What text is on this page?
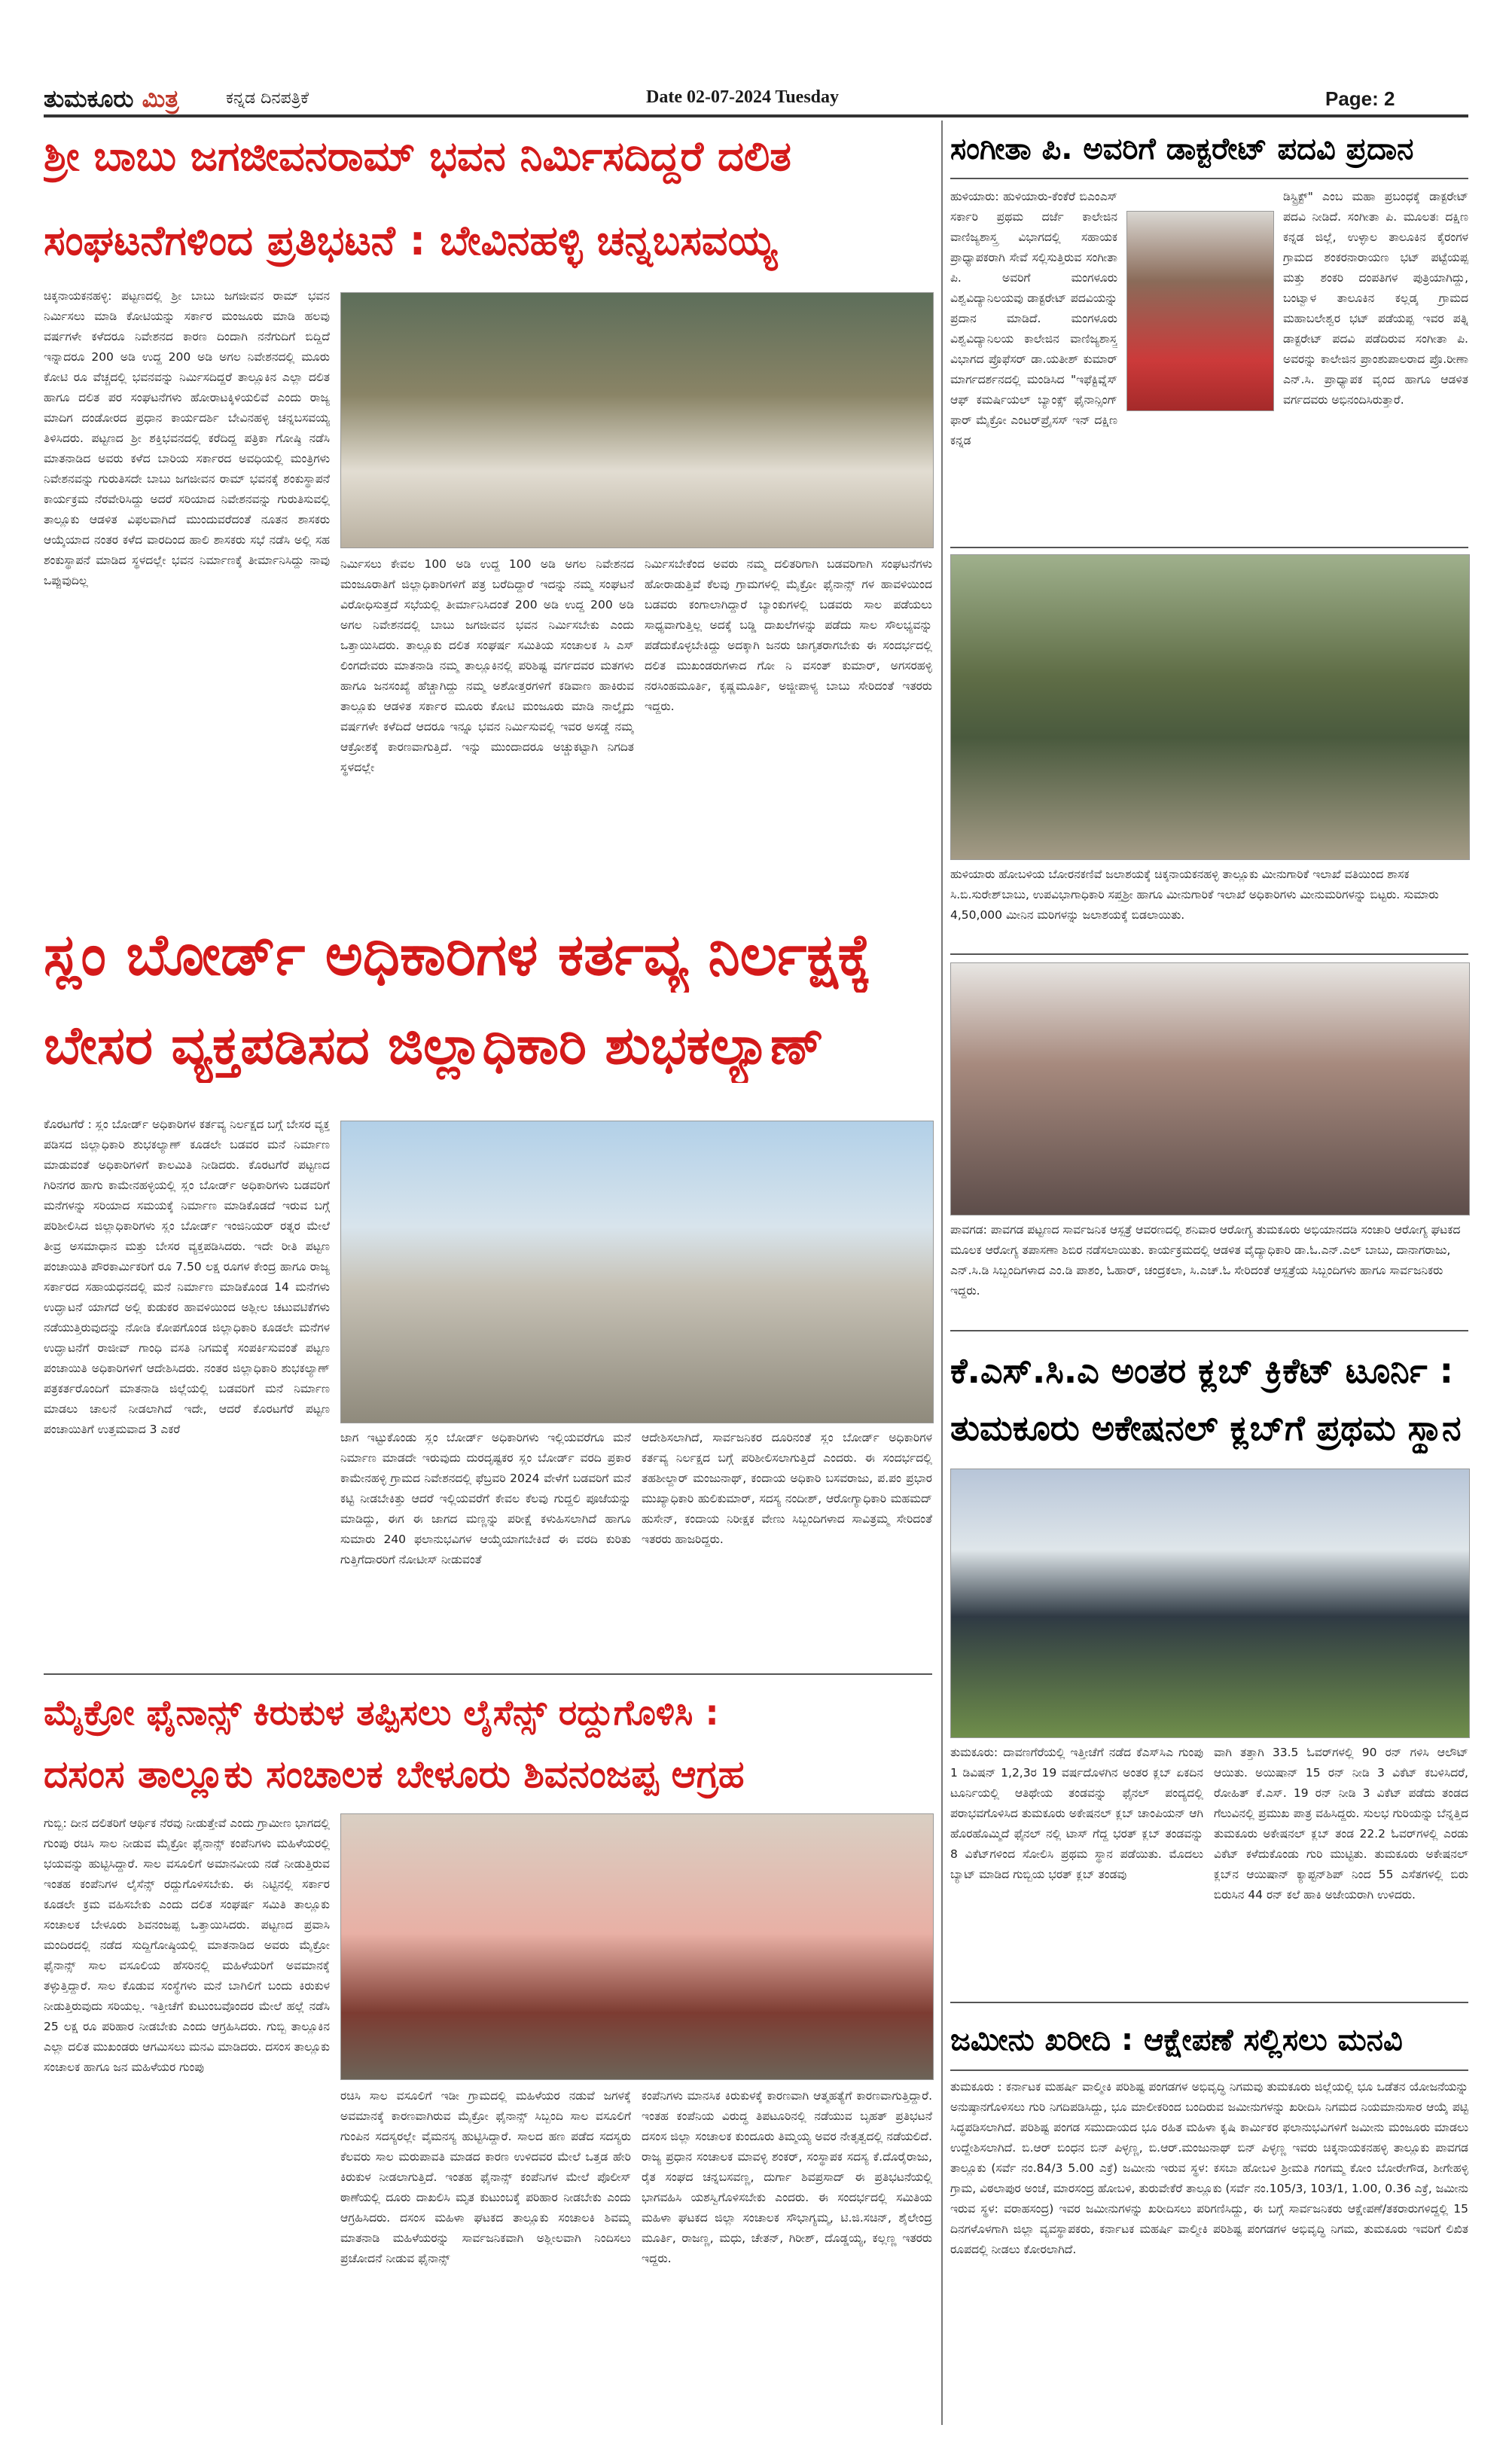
ತುಮಕೂರು ಮಿತ್ರ	ಕನ್ನಡ ದಿನಪತ್ರಿಕೆ	Date 02-07-2024 Tuesday	Page: 2
ಶ್ರೀ ಬಾಬು ಜಗಜೀವನರಾಮ್ ಭವನ ನಿರ್ಮಿಸದಿದ್ದರೆ ದಲಿತ
ಸಂಘಟನೆಗಳಿಂದ ಪ್ರತಿಭಟನೆ : ಬೇವಿನಹಳ್ಳಿ ಚನ್ನಬಸವಯ್ಯ
ಚಿಕ್ಕನಾಯಕನಹಳ್ಳಿ: ಪಟ್ಟಣದಲ್ಲಿ ಶ್ರೀ ಬಾಬು ಜಗಜೀವನ ರಾಮ್ ಭವನ ನಿರ್ಮಿಸಲು ಮಾಡಿ ಕೋಟಿಯನ್ನು ಸರ್ಕಾರ ಮಂಜೂರು ಮಾಡಿ ಹಲವು ವರ್ಷಗಳೇ ಕಳೆದರೂ ನಿವೇಶನದ ಕಾರಣ ದಿಂದಾಗಿ ನನೆಗುದಿಗೆ ಬಿದ್ದಿದೆ ಇನ್ನಾದರೂ 200 ಅಡಿ ಉದ್ದ 200 ಅಡಿ ಅಗಲ ನಿವೇಶನದಲ್ಲಿ ಮೂರು ಕೋಟಿ ರೂ ವೆಚ್ಚದಲ್ಲಿ ಭವನವನ್ನು ನಿರ್ಮಿಸದಿದ್ದರೆ ತಾಲ್ಲೂಕಿನ ಎಲ್ಲಾ ದಲಿತ ಹಾಗೂ ದಲಿತ ಪರ ಸಂಘಟನೆಗಳು ಹೋರಾಟಕ್ಕಿಳಿಯಲಿವೆ ಎಂದು ರಾಜ್ಯ ಮಾದಿಗ ದಂಡೋರದ ಪ್ರಧಾನ ಕಾರ್ಯದರ್ಶಿ ಬೇವಿನಹಳ್ಳಿ ಚನ್ನಬಸವಯ್ಯ ತಿಳಿಸಿದರು. ಪಟ್ಟಣದ ಶ್ರೀ ಶಕ್ತಿಭವನದಲ್ಲಿ ಕರೆದಿದ್ದ ಪತ್ರಿಕಾ ಗೋಷ್ಠಿ ನಡೆಸಿ ಮಾತನಾಡಿದ ಅವರು ಕಳೆದ ಬಾರಿಯ ಸರ್ಕಾರದ ಅವಧಿಯಲ್ಲಿ ಮಂತ್ರಿಗಳು ನಿವೇಶನವನ್ನು ಗುರುತಿಸದೇ ಬಾಬು ಜಗಜೀವನ ರಾಮ್ ಭವನಕ್ಕೆ ಶಂಕುಸ್ಥಾಪನೆ ಕಾರ್ಯಕ್ರಮ ನೆರವೇರಿಸಿದ್ದು ಅದರೆ ಸರಿಯಾದ ನಿವೇಶನವನ್ನು ಗುರುತಿಸುವಲ್ಲಿ ತಾಲ್ಲೂಕು ಆಡಳಿತ ವಿಫಲವಾಗಿದೆ ಮುಂದುವರೆದಂತೆ ನೂತನ ಶಾಸಕರು ಆಯ್ಕೆಯಾದ ನಂತರ ಕಳೆದ ವಾರದಿಂದ ಹಾಲಿ ಶಾಸಕರು ಸಭೆ ನಡೆಸಿ ಅಲ್ಲಿ ಸಹ ಶಂಕುಸ್ಥಾಪನೆ ಮಾಡಿದ ಸ್ಥಳದಲ್ಲೇ ಭವನ ನಿರ್ಮಾಣಕ್ಕೆ ತೀರ್ಮಾನಿಸಿದ್ದು ನಾವು ಒಪ್ಪುವುದಿಲ್ಲ
ನಿರ್ಮಿಸಲು ಕೇವಲ 100 ಅಡಿ ಉದ್ದ 100 ಅಡಿ ಅಗಲ ನಿವೇಶನದ ಮಂಜೂರಾತಿಗೆ ಜಿಲ್ಲಾಧಿಕಾರಿಗಳಿಗೆ ಪತ್ರ ಬರೆದಿದ್ದಾರೆ ಇದನ್ನು ನಮ್ಮ ಸಂಘಟನೆ ವಿರೋಧಿಸುತ್ತದೆ ಸಭೆಯಲ್ಲಿ ತೀರ್ಮಾನಿಸಿದಂತೆ 200 ಅಡಿ ಉದ್ದ 200 ಅಡಿ ಅಗಲ ನಿವೇಶನದಲ್ಲಿ ಬಾಬು ಜಗಜೀವನ ಭವನ ನಿರ್ಮಿಸಬೇಕು ಎಂದು ಒತ್ತಾಯಿಸಿದರು. ತಾಲ್ಲೂಕು ದಲಿತ ಸಂಘರ್ಷ ಸಮಿತಿಯ ಸಂಚಾಲಕ ಸಿ ಎಸ್ ಲಿಂಗದೇವರು ಮಾತನಾಡಿ ನಮ್ಮ ತಾಲ್ಲೂಕಿನಲ್ಲಿ ಪರಿಶಿಷ್ಟ ವರ್ಗದವರ ಮತಗಳು ಹಾಗೂ ಜನಸಂಖ್ಯೆ ಹೆಚ್ಚಾಗಿದ್ದು ನಮ್ಮ ಅಶೋತ್ತರಗಳಿಗೆ ಕಡಿವಾಣ ಹಾಕಿರುವ ತಾಲ್ಲೂಕು ಆಡಳಿತ ಸರ್ಕಾರ ಮೂರು ಕೋಟಿ ಮಂಜೂರು ಮಾಡಿ ನಾಲ್ಕೈದು ವರ್ಷಗಳೇ ಕಳೆದಿದೆ ಆದರೂ ಇನ್ನೂ ಭವನ ನಿರ್ಮಿಸುವಲ್ಲಿ ಇವರ ಅಸಡ್ಡೆ ನಮ್ಮ ಆಕ್ರೋಶಕ್ಕೆ ಕಾರಣವಾಗುತ್ತಿದೆ. ಇನ್ನು ಮುಂದಾದರೂ ಅಚ್ಚುಕಟ್ಟಾಗಿ ನಿಗದಿತ ಸ್ಥಳದಲ್ಲೇ
ನಿರ್ಮಿಸಬೇಕೆಂದ ಅವರು ನಮ್ಮ ದಲಿತರಿಗಾಗಿ ಬಡವರಿಗಾಗಿ ಸಂಘಟನೆಗಳು ಹೋರಾಡುತ್ತಿವೆ ಕೆಲವು ಗ್ರಾಮಗಳಲ್ಲಿ ಮೈಕ್ರೋ ಫೈನಾನ್ಸ್ ಗಳ ಹಾವಳಿಯಿಂದ ಬಡವರು ಕಂಗಾಲಾಗಿದ್ದಾರೆ ಬ್ಯಾಂಕುಗಳಲ್ಲಿ ಬಡವರು ಸಾಲ ಪಡೆಯಲು ಸಾಧ್ಯವಾಗುತ್ತಿಲ್ಲ ಅದಕ್ಕೆ ಬಡ್ಡಿ ದಾಖಲೆಗಳನ್ನು ಪಡೆದು ಸಾಲ ಸೌಲಭ್ಯವನ್ನು ಪಡೆದುಕೊಳ್ಳಬೇಕಿದ್ದು ಅದಕ್ಕಾಗಿ ಜನರು ಜಾಗೃತರಾಗಬೇಕು ಈ ಸಂದರ್ಭದಲ್ಲಿ ದಲಿತ ಮುಖಂಡರುಗಳಾದ ಗೋ ನಿ ವಸಂತ್ ಕುಮಾರ್, ಅಗಸರಹಳ್ಳಿ ನರಸಿಂಹಮೂರ್ತಿ, ಕೃಷ್ಣಮೂರ್ತಿ, ಅಜ್ಜೀಪಾಳ್ಯ ಬಾಬು ಸೇರಿದಂತೆ ಇತರರು ಇದ್ದರು.
ಸಂಗೀತಾ ಪಿ. ಅವರಿಗೆ ಡಾಕ್ಟರೇಟ್ ಪದವಿ ಪ್ರದಾನ
ಹುಳಿಯಾರು: ಹುಳಿಯಾರು-ಕೆಂಕೆರೆ ಬಿಎಂಎಸ್ ಸರ್ಕಾರಿ ಪ್ರಥಮ ದರ್ಜೆ ಕಾಲೇಜಿನ ವಾಣಿಜ್ಯಶಾಸ್ತ್ರ ವಿಭಾಗದಲ್ಲಿ ಸಹಾಯಕ ಪ್ರಾಧ್ಯಾಪಕರಾಗಿ ಸೇವೆ ಸಲ್ಲಿಸುತ್ತಿರುವ ಸಂಗೀತಾ ಪಿ. ಅವರಿಗೆ ಮಂಗಳೂರು ವಿಶ್ವವಿದ್ಯಾನಿಲಯವು ಡಾಕ್ಟರೇಟ್ ಪದವಿಯನ್ನು ಪ್ರದಾನ ಮಾಡಿದೆ. ಮಂಗಳೂರು ವಿಶ್ವವಿದ್ಯಾನಿಲಯ ಕಾಲೇಜಿನ ವಾಣಿಜ್ಯಶಾಸ್ತ್ರ ವಿಭಾಗದ ಪ್ರೊಫೆಸರ್ ಡಾ.ಯತೀಶ್ ಕುಮಾರ್ ಮಾರ್ಗದರ್ಶನದಲ್ಲಿ ಮಂಡಿಸಿದ "ಇಫೆಕ್ಟಿವ್ನೆಸ್ ಆಫ್ ಕಮರ್ಷಿಯಲ್ ಬ್ಯಾಂಕ್ಸ್ ಫೈನಾನ್ಸಿಂಗ್ ಫಾರ್ ಮೈಕ್ರೋ ಎಂಟರ್‌ಪ್ರೈಸಸ್ ಇನ್ ದಕ್ಷಿಣ ಕನ್ನಡ
ಡಿಸ್ಟ್ರಿಕ್ಟ್" ಎಂಬ ಮಹಾ ಪ್ರಬಂಧಕ್ಕೆ ಡಾಕ್ಟರೇಟ್ ಪದವಿ ನೀಡಿದೆ. ಸಂಗೀತಾ ಪಿ. ಮೂಲತಃ ದಕ್ಷಿಣ ಕನ್ನಡ ಜಿಲ್ಲೆ, ಉಳ್ಳಾಲ ತಾಲೂಕಿನ ಕೈರಂಗಳ ಗ್ರಾಮದ ಶಂಕರನಾರಾಯಣ ಭಟ್ ಪಟ್ಟೆಯಪ್ಪ ಮತ್ತು ಶಂಕರಿ ದಂಪತಿಗಳ ಪುತ್ರಿಯಾಗಿದ್ದು, ಬಂಟ್ವಾಳ ತಾಲೂಕಿನ ಕಲ್ಲಡ್ಕ ಗ್ರಾಮದ ಮಹಾಬಲೇಶ್ವರ ಭಟ್ ಪಡೆಯಪ್ಪ ಇವರ ಪತ್ನಿ ಡಾಕ್ಟರೇಟ್ ಪದವಿ ಪಡೆದಿರುವ ಸಂಗೀತಾ ಪಿ. ಅವರನ್ನು ಕಾಲೇಜಿನ ಪ್ರಾಂಶುಪಾಲರಾದ ಪ್ರೊ.ರೀಣಾ ಎನ್.ಸಿ. ಪ್ರಾಧ್ಯಾಪಕ ವೃಂದ ಹಾಗೂ ಆಡಳಿತ ವರ್ಗದವರು ಅಭಿನಂದಿಸಿರುತ್ತಾರೆ.
ಹುಳಿಯಾರು ಹೋಬಳಿಯ ಬೋರನಕಣಿವೆ ಜಲಾಶಯಕ್ಕೆ ಚಿಕ್ಕನಾಯಕನಹಳ್ಳಿ ತಾಲ್ಲೂಕು ಮೀನುಗಾರಿಕೆ ಇಲಾಖೆ ವತಿಯಿಂದ ಶಾಸಕ ಸಿ.ಬಿ.ಸುರೇಶ್‌ಬಾಬು, ಉಪವಿಭಾಗಾಧಿಕಾರಿ ಸಪ್ತಶ್ರೀ ಹಾಗೂ ಮೀನುಗಾರಿಕೆ ಇಲಾಖೆ ಅಧಿಕಾರಿಗಳು ಮೀನುಮರಿಗಳನ್ನು ಬಿಟ್ಟರು. ಸುಮಾರು 4,50,000 ಮೀನಿನ ಮರಿಗಳನ್ನು ಜಲಾಶಯಕ್ಕೆ ಬಿಡಲಾಯಿತು.
ಪಾವಗಡ: ಪಾವಗಡ ಪಟ್ಟಣದ ಸಾರ್ವಜನಿಕ ಆಸ್ಪತ್ರೆ ಆವರಣದಲ್ಲಿ ಶನಿವಾರ ಆರೋಗ್ಯ ತುಮಕೂರು ಅಭಿಯಾನದಡಿ ಸಂಚಾರಿ ಆರೋಗ್ಯ ಘಟಕದ ಮೂಲಕ ಆರೋಗ್ಯ ತಪಾಸಣಾ ಶಿಬಿರ ನಡೆಸಲಾಯಿತು. ಕಾರ್ಯಕ್ರಮದಲ್ಲಿ ಆಡಳಿತ ವೈದ್ಯಾಧಿಕಾರಿ ಡಾ.ಓ.ಎನ್.ಎಲ್ ಬಾಬು, ದಾನಾಗರಾಜು, ಎನ್.ಸಿ.ಡಿ ಸಿಬ್ಬಂದಿಗಳಾದ ಎಂ.ಡಿ ಪಾಶಂ, ಓಹಾರ್, ಚಂದ್ರಕಲಾ, ಸಿ.ಎಚ್.ಓ ಸೇರಿದಂತೆ ಆಸ್ಪತ್ರೆಯ ಸಿಬ್ಬಂದಿಗಳು ಹಾಗೂ ಸಾರ್ವಜನಿಕರು ಇದ್ದರು.
ಸ್ಲಂ ಬೋರ್ಡ್ ಅಧಿಕಾರಿಗಳ ಕರ್ತವ್ಯ ನಿರ್ಲಕ್ಷಕ್ಕೆ
ಬೇಸರ ವ್ಯಕ್ತಪಡಿಸದ ಜಿಲ್ಲಾಧಿಕಾರಿ ಶುಭಕಲ್ಯಾಣ್
ಕೊರಟಗೆರೆ : ಸ್ಲಂ ಬೋರ್ಡ್ ಅಧಿಕಾರಿಗಳ ಕರ್ತವ್ಯ ನಿರ್ಲಕ್ಷದ ಬಗ್ಗೆ ಬೇಸರ ವ್ಯಕ್ತ ಪಡಿಸದ ಜಿಲ್ಲಾಧಿಕಾರಿ ಶುಭಕಲ್ಯಾಣ್ ಕೂಡಲೇ ಬಡವರ ಮನೆ ನಿರ್ಮಾಣ ಮಾಡುವಂತೆ ಅಧಿಕಾರಿಗಳಿಗೆ ಕಾಲಮಿತಿ ನೀಡಿದರು. ಕೊರಟಗೆರೆ ಪಟ್ಟಣದ ಗಿರಿನಗರ ಹಾಗು ಕಾಮೇನಹಳ್ಳಿಯಲ್ಲಿ ಸ್ಲಂ ಬೋರ್ಡ್ ಅಧಿಕಾರಿಗಳು ಬಡವರಿಗೆ ಮನೆಗಳನ್ನು ಸರಿಯಾದ ಸಮಯಕ್ಕೆ ನಿರ್ಮಾಣ ಮಾಡಿಕೊಡದೆ ಇರುವ ಬಗ್ಗೆ ಪರಿಶೀಲಿಸಿದ ಜಿಲ್ಲಾಧಿಕಾರಿಗಳು ಸ್ಲಂ ಬೋರ್ಡ್ ಇಂಜಿನಿಯರ್ ರತ್ನರ ಮೇಲೆ ತೀವ್ರ ಅಸಮಾಧಾನ ಮತ್ತು ಬೇಸರ ವ್ಯಕ್ತಪಡಿಸಿದರು. ಇದೇ ರೀತಿ ಪಟ್ಟಣ ಪಂಚಾಯಿತಿ ಪೌರಕಾರ್ಮಿಕರಿಗೆ ರೂ 7.50 ಲಕ್ಷ ರೂಗಳ ಕೇಂದ್ರ ಹಾಗೂ ರಾಜ್ಯ ಸರ್ಕಾರದ ಸಹಾಯಧನದಲ್ಲಿ ಮನೆ ನಿರ್ಮಾಣ ಮಾಡಿಕೊಂಡ 14 ಮನೆಗಳು ಉದ್ಘಾಟನೆ ಯಾಗದೆ ಅಲ್ಲಿ ಕುಡುಕರ ಹಾವಳಿಯಿಂದ ಅಶ್ಲೀಲ ಚಟುವಟಿಕೆಗಳು ನಡೆಯುತ್ತಿರುವುದನ್ನು ನೋಡಿ ಕೋಪಗೊಂಡ ಜಿಲ್ಲಾಧಿಕಾರಿ ಕೂಡಲೇ ಮನೆಗಳ ಉದ್ಘಾಟನೆಗೆ ರಾಜೀವ್ ಗಾಂಧಿ ವಸತಿ ನಿಗಮಕ್ಕೆ ಸಂಪರ್ಕಿಸುವಂತೆ ಪಟ್ಟಣ ಪಂಚಾಯಿತಿ ಅಧಿಕಾರಿಗಳಿಗೆ ಆದೇಶಿಸಿದರು. ನಂತರ ಜಿಲ್ಲಾಧಿಕಾರಿ ಶುಭಕಲ್ಯಾಣ್ ಪತ್ರಕರ್ತರೊಂದಿಗೆ ಮಾತನಾಡಿ ಜಿಲ್ಲೆಯಲ್ಲಿ ಬಡವರಿಗೆ ಮನೆ ನಿರ್ಮಾಣ ಮಾಡಲು ಚಾಲನೆ ನೀಡಲಾಗಿದೆ ಇದೇ, ಆದರೆ ಕೊರಟಗೆರೆ ಪಟ್ಟಣ ಪಂಚಾಯಿತಿಗೆ ಉತ್ತಮವಾದ 3 ಎಕರೆ
ಜಾಗ ಇಟ್ಟುಕೊಂಡು ಸ್ಲಂ ಬೋರ್ಡ್ ಅಧಿಕಾರಿಗಳು ಇಲ್ಲಿಯವರೆಗೂ ಮನೆ ನಿರ್ಮಾಣ ಮಾಡದೇ ಇರುವುದು ದುರದೃಷ್ಟಕರ ಸ್ಲಂ ಬೋರ್ಡ್ ವರದಿ ಪ್ರಕಾರ ಕಾಮೇನಹಳ್ಳಿ ಗ್ರಾಮದ ನಿವೇಶನದಲ್ಲಿ ಫೆಬ್ರವರಿ 2024 ವೇಳೆಗೆ ಬಡವರಿಗೆ ಮನೆ ಕಟ್ಟಿ ನೀಡಬೇಕಿತ್ತು ಆದರೆ ಇಲ್ಲಿಯವರೆಗೆ ಕೇವಲ ಕೆಲವು ಗುದ್ದಲಿ ಪೂಜೆಯನ್ನು ಮಾಡಿದ್ದು, ಈಗ ಈ ಜಾಗದ ಮಣ್ಣನ್ನು ಪರೀಕ್ಷೆ ಕಳುಹಿಸಲಾಗಿದೆ ಹಾಗೂ ಸುಮಾರು 240 ಫಲಾನುಭವಿಗಳ ಆಯ್ಕೆಯಾಗಬೇಕಿದೆ ಈ ವರದಿ ಕುರಿತು ಗುತ್ತಿಗೆದಾರರಿಗೆ ನೋಟೀಸ್ ನೀಡುವಂತೆ
ಆದೇಶಿಸಲಾಗಿದೆ, ಸಾರ್ವಜನಿಕರ ದೂರಿನಂತೆ ಸ್ಲಂ ಬೋರ್ಡ್ ಅಧಿಕಾರಿಗಳ ಕರ್ತವ್ಯ ನಿರ್ಲಕ್ಷದ ಬಗ್ಗೆ ಪರಿಶೀಲಿಸಲಾಗುತ್ತಿದೆ ಎಂದರು. ಈ ಸಂದರ್ಭದಲ್ಲಿ ತಹಶೀಲ್ದಾರ್ ಮಂಜುನಾಥ್, ಕಂದಾಯ ಅಧಿಕಾರಿ ಬಸವರಾಜು, ಪ.ಪಂ ಪ್ರಭಾರ ಮುಖ್ಯಾಧಿಕಾರಿ ಹುಲಿಕುಮಾರ್, ಸದಸ್ಯ ನಂದೀಶ್, ಆರೋಗ್ಯಾಧಿಕಾರಿ ಮಹಮದ್ ಹುಸೇನ್, ಕಂದಾಯ ನಿರೀಕ್ಷಕ ವೇಣು ಸಿಬ್ಬಂದಿಗಳಾದ ಸಾವಿತ್ರಮ್ಮ ಸೇರಿದಂತೆ ಇತರರು ಹಾಜರಿದ್ದರು.
ಕೆ.ಎಸ್.ಸಿ.ಎ ಅಂತರ ಕ್ಲಬ್ ಕ್ರಿಕೆಟ್ ಟೂರ್ನಿ :
ತುಮಕೂರು ಅಕೇಷನಲ್ ಕ್ಲಬ್‌ಗೆ ಪ್ರಥಮ ಸ್ಥಾನ
ತುಮಕೂರು: ದಾವಣಗೆರೆಯಲ್ಲಿ ಇತ್ತೀಚೆಗೆ ನಡೆದ ಕೆಎಸ್‌ಸಿಎ ಗುಂಪು 1 ಡಿವಿಷನ್ 1,2,3ರ 19 ವರ್ಷದೊಳಗಿನ ಅಂತರ ಕ್ಲಬ್ ಏಕದಿನ ಟೂರ್ನಿಯಲ್ಲಿ ಆತಿಥೇಯ ತಂಡವನ್ನು ಫೈನಲ್ ಪಂದ್ಯದಲ್ಲಿ ಪರಾಭವಗೊಳಿಸಿದ ತುಮಕೂರು ಅಕೇಷನಲ್ ಕ್ಲಬ್ ಚಾಂಪಿಯನ್ ಆಗಿ ಹೊರಹೊಮ್ಮಿದೆ ಫೈನಲ್ ನಲ್ಲಿ ಟಾಸ್ ಗೆದ್ದ ಭರತ್ ಕ್ಲಬ್ ತಂಡವನ್ನು 8 ವಿಕೆಟ್‌ಗಳಿಂದ ಸೋಲಿಸಿ ಪ್ರಥಮ ಸ್ಥಾನ ಪಡೆಯಿತು. ಮೊದಲು ಬ್ಯಾಟ್ ಮಾಡಿದ ಗುಬ್ಬಿಯ ಭರತ್ ಕ್ಲಬ್ ತಂಡವು
ವಾಗಿ ತತ್ತಾಗಿ 33.5 ಓವರ್‌ಗಳಲ್ಲಿ 90 ರನ್ ಗಳಿಸಿ ಆಲೌಟ್ ಆಯಿತು. ಅಯಿಷಾನ್ 15 ರನ್ ನೀಡಿ 3 ವಿಕೆಟ್ ಕಬಳಿಸಿದರೆ, ರೋಹಿತ್ ಕೆ.ಎಸ್. 19 ರನ್ ನೀಡಿ 3 ವಿಕೆಟ್ ಪಡೆದು ತಂಡದ ಗೆಲುವಿನಲ್ಲಿ ಪ್ರಮುಖ ಪಾತ್ರ ವಹಿಸಿದ್ದರು. ಸುಲಭ ಗುರಿಯನ್ನು ಬೆನ್ನತ್ತಿದ ತುಮಕೂರು ಅಕೇಷನಲ್ ಕ್ಲಬ್ ತಂಡ 22.2 ಓವರ್‌ಗಳಲ್ಲಿ ಎರಡು ವಿಕೆಟ್ ಕಳೆದುಕೊಂಡು ಗುರಿ ಮುಟ್ಟಿತು. ತುಮಕೂರು ಅಕೇಷನಲ್ ಕ್ಲಬ್‌ನ ಆಯಿಷಾನ್ ಕ್ಯಾಪ್ಟನ್‌ಶಿಪ್ ನಿಂದ 55 ಎಸೆತಗಳಲ್ಲಿ ಬಿರು ಬಿರುಸಿನ 44 ರನ್ ಕಲೆ ಹಾಕಿ ಅಜೇಯರಾಗಿ ಉಳಿದರು.
ಮೈಕ್ರೋ ಫೈನಾನ್ಸ್ ಕಿರುಕುಳ ತಪ್ಪಿಸಲು ಲೈಸೆನ್ಸ್ ರದ್ದುಗೊಳಿಸಿ :
ದಸಂಸ ತಾಲ್ಲೂಕು ಸಂಚಾಲಕ ಬೇಳೂರು ಶಿವನಂಜಪ್ಪ ಆಗ್ರಹ
ಗುಬ್ಬಿ: ದೀನ ದಲಿತರಿಗೆ ಆರ್ಥಿಕ ನೆರವು ನೀಡುತ್ತೇವೆ ಎಂದು ಗ್ರಾಮೀಣ ಭಾಗದಲ್ಲಿ ಗುಂಪು ರಚಿಸಿ ಸಾಲ ನೀಡುವ ಮೈಕ್ರೋ ಫೈನಾನ್ಸ್ ಕಂಪೆನಿಗಳು ಮಹಿಳೆಯರಲ್ಲಿ ಭಯವನ್ನು ಹುಟ್ಟಿಸಿದ್ದಾರೆ. ಸಾಲ ವಸೂಲಿಗೆ ಅಮಾನವೀಯ ನಡೆ ನೀಡುತ್ತಿರುವ ಇಂತಹ ಕಂಪೆನಿಗಳ ಲೈಸೆನ್ಸ್ ರದ್ದುಗೊಳಿಸಬೇಕು. ಈ ನಿಟ್ಟಿನಲ್ಲಿ ಸರ್ಕಾರ ಕೂಡಲೇ ಕ್ರಮ ವಹಿಸಬೇಕು ಎಂದು ದಲಿತ ಸಂಘರ್ಷ ಸಮಿತಿ ತಾಲ್ಲೂಕು ಸಂಚಾಲಕ ಬೇಳೂರು ಶಿವನಂಜಪ್ಪ ಒತ್ತಾಯಿಸಿದರು. ಪಟ್ಟಣದ ಪ್ರವಾಸಿ ಮಂದಿರದಲ್ಲಿ ನಡೆದ ಸುದ್ದಿಗೋಷ್ಠಿಯಲ್ಲಿ ಮಾತನಾಡಿದ ಅವರು ಮೈಕ್ರೋ ಫೈನಾನ್ಸ್ ಸಾಲ ವಸೂಲಿಯ ಹೆಸರಿನಲ್ಲಿ ಮಹಿಳೆಯರಿಗೆ ಅವಮಾನಕ್ಕೆ ತಳ್ಳುತ್ತಿದ್ದಾರೆ. ಸಾಲ ಕೊಡುವ ಸಂಸ್ಥೆಗಳು ಮನೆ ಬಾಗಿಲಿಗೆ ಬಂದು ಕಿರುಕುಳ ನೀಡುತ್ತಿರುವುದು ಸರಿಯಲ್ಲ. ಇತ್ತೀಚೆಗೆ ಕುಟುಂಬವೊಂದರ ಮೇಲೆ ಹಲ್ಲೆ ನಡೆಸಿ 25 ಲಕ್ಷ ರೂ ಪರಿಹಾರ ನೀಡಬೇಕು ಎಂದು ಆಗ್ರಹಿಸಿದರು. ಗುಬ್ಬಿ ತಾಲ್ಲೂಕಿನ ಎಲ್ಲಾ ದಲಿತ ಮುಖಂಡರು ಆಗಮಿಸಲು ಮನವಿ ಮಾಡಿದರು. ದಸಂಸ ತಾಲ್ಲೂಕು ಸಂಚಾಲಕ ಹಾಗೂ ಜನ ಮಹಿಳೆಯರ ಗುಂಪು
ರಚಿಸಿ ಸಾಲ ವಸೂಲಿಗೆ ಇಡೀ ಗ್ರಾಮದಲ್ಲಿ ಮಹಿಳೆಯರ ನಡುವೆ ಜಗಳಕ್ಕೆ ಅವಮಾನಕ್ಕೆ ಕಾರಣವಾಗಿರುವ ಮೈಕ್ರೋ ಫೈನಾನ್ಸ್ ಸಿಬ್ಬಂದಿ ಸಾಲ ವಸೂಲಿಗೆ ಗುಂಪಿನ ಸದಸ್ಯರಲ್ಲೇ ವೈಮನಸ್ಯ ಹುಟ್ಟಿಸಿದ್ದಾರೆ. ಸಾಲದ ಹಣ ಪಡೆದ ಸದಸ್ಯರು ಕೆಲವರು ಸಾಲ ಮರುಪಾವತಿ ಮಾಡದ ಕಾರಣ ಉಳಿದವರ ಮೇಲೆ ಒತ್ತಡ ಹೇರಿ ಕಿರುಕುಳ ನೀಡಲಾಗುತ್ತಿದೆ. ಇಂತಹ ಫೈನಾನ್ಸ್ ಕಂಪೆನಿಗಳ ಮೇಲೆ ಪೊಲೀಸ್ ಠಾಣೆಯಲ್ಲಿ ದೂರು ದಾಖಲಿಸಿ ಮೃತ ಕುಟುಂಬಕ್ಕೆ ಪರಿಹಾರ ನೀಡಬೇಕು ಎಂದು ಆಗ್ರಹಿಸಿದರು. ದಸಂಸ ಮಹಿಳಾ ಘಟಕದ ತಾಲ್ಲೂಕು ಸಂಚಾಲಕಿ ಶಿವಮ್ಮ ಮಾತನಾಡಿ ಮಹಿಳೆಯರನ್ನು ಸಾರ್ವಜನಿಕವಾಗಿ ಅಶ್ಲೀಲವಾಗಿ ನಿಂದಿಸಲು ಪ್ರಚೋದನೆ ನೀಡುವ ಫೈನಾನ್ಸ್
ಕಂಪೆನಿಗಳು ಮಾನಸಿಕ ಕಿರುಕುಳಕ್ಕೆ ಕಾರಣವಾಗಿ ಆತ್ಮಹತ್ಯೆಗೆ ಕಾರಣವಾಗುತ್ತಿದ್ದಾರೆ. ಇಂತಹ ಕಂಪೆನಿಯ ವಿರುದ್ಧ ತಿಪಟೂರಿನಲ್ಲಿ ನಡೆಯುವ ಬೃಹತ್ ಪ್ರತಿಭಟನೆ ದಸಂಸ ಜಿಲ್ಲಾ ಸಂಚಾಲಕ ಕುಂದೂರು ತಿಮ್ಮಯ್ಯ ಅವರ ನೇತೃತ್ವದಲ್ಲಿ ನಡೆಯಲಿದೆ. ರಾಜ್ಯ ಪ್ರಧಾನ ಸಂಚಾಲಕ ಮಾವಳ್ಳಿ ಶಂಕರ್, ಸಂಸ್ಥಾಪಕ ಸದಸ್ಯ ಕೆ.ದೊರೈರಾಜು, ರೈತ ಸಂಘದ ಚನ್ನಬಸವಣ್ಣ, ದುರ್ಗಾ ಶಿವಪ್ರಸಾದ್ ಈ ಪ್ರತಿಭಟನೆಯಲ್ಲಿ ಭಾಗವಹಿಸಿ ಯಶಸ್ವಿಗೊಳಿಸಬೇಕು ಎಂದರು. ಈ ಸಂದರ್ಭದಲ್ಲಿ ಸಮಿತಿಯ ಮಹಿಳಾ ಘಟಕದ ಜಿಲ್ಲಾ ಸಂಚಾಲಕ ಸೌಭಾಗ್ಯಮ್ಮ, ಟಿ.ಜಿ.ಸಚಿನ್, ಶೈಲೇಂದ್ರ ಮೂರ್ತಿ, ರಾಜಣ್ಣ, ಮಧು, ಚೇತನ್, ಗಿರೀಶ್, ದೊಡ್ಡಯ್ಯ, ಕಲ್ಲಣ್ಣ ಇತರರು ಇದ್ದರು.
ಜಮೀನು ಖರೀದಿ : ಆಕ್ಷೇಪಣೆ ಸಲ್ಲಿಸಲು ಮನವಿ
ತುಮಕೂರು : ಕರ್ನಾಟಕ ಮಹರ್ಷಿ ವಾಲ್ಮೀಕಿ ಪರಿಶಿಷ್ಟ ಪಂಗಡಗಳ ಅಭಿವೃದ್ಧಿ ನಿಗಮವು ತುಮಕೂರು ಜಿಲ್ಲೆಯಲ್ಲಿ ಭೂ ಒಡೆತನ ಯೋಜನೆಯನ್ನು ಅನುಷ್ಠಾನಗೊಳಿಸಲು ಗುರಿ ನಿಗದಿಪಡಿಸಿದ್ದು, ಭೂ ಮಾಲೀಕರಿಂದ ಬಂದಿರುವ ಜಮೀನುಗಳನ್ನು ಖರೀದಿಸಿ ನಿಗಮದ ನಿಯಮಾನುಸಾರ ಆಯ್ಕೆ ಪಟ್ಟಿ ಸಿದ್ಧಪಡಿಸಲಾಗಿದೆ. ಪರಿಶಿಷ್ಟ ಪಂಗಡ ಸಮುದಾಯದ ಭೂ ರಹಿತ ಮಹಿಳಾ ಕೃಷಿ ಕಾರ್ಮಿಕರ ಫಲಾನುಭವಿಗಳಿಗೆ ಜಮೀನು ಮಂಜೂರು ಮಾಡಲು ಉದ್ದೇಶಿಸಲಾಗಿದೆ. ಬಿ.ಆರ್ ಬಿಂಧನ ಬಿನ್ ಪಿಳ್ಳಣ್ಣ, ಬಿ.ಆರ್.ಮಂಜುನಾಥ್ ಬಿನ್ ಪಿಳ್ಳಣ್ಣ ಇವರು ಚಿಕ್ಕನಾಯಕನಹಳ್ಳಿ ತಾಲ್ಲೂಕು ಪಾವಗಡ ತಾಲ್ಲೂಕು (ಸರ್ವೆ ನಂ.84/3 5.00 ಎಕ್ರೆ) ಜಮೀನು ಇರುವ ಸ್ಥಳ: ಕಸಬಾ ಹೋಬಳಿ ಶ್ರೀಮತಿ ಗಂಗಮ್ಮ ಕೋಂ ಬೋರೇಗೌಡ, ಶೀಗೇಹಳ್ಳಿ ಗ್ರಾಮ, ವಿಠಲಾಪುರ ಅಂಚೆ, ಮಾರಸಂದ್ರ ಹೋಬಳಿ, ತುರುವೇಕೆರೆ ತಾಲ್ಲೂಕು (ಸರ್ವೆ ನಂ.105/3, 103/1, 1.00, 0.36 ಎಕ್ರೆ, ಜಮೀನು ಇರುವ ಸ್ಥಳ: ವರಾಹಸಂದ್ರ) ಇವರ ಜಮೀನುಗಳನ್ನು ಖರೀದಿಸಲು ಪರಿಗಣಿಸಿದ್ದು, ಈ ಬಗ್ಗೆ ಸಾರ್ವಜನಿಕರು ಆಕ್ಷೇಪಣೆ/ತಕರಾರುಗಳಿದ್ದಲ್ಲಿ 15 ದಿನಗಳೊಳಗಾಗಿ ಜಿಲ್ಲಾ ವ್ಯವಸ್ಥಾಪಕರು, ಕರ್ನಾಟಕ ಮಹರ್ಷಿ ವಾಲ್ಮೀಕಿ ಪರಿಶಿಷ್ಟ ಪಂಗಡಗಳ ಅಭಿವೃದ್ಧಿ ನಿಗಮ, ತುಮಕೂರು ಇವರಿಗೆ ಲಿಖಿತ ರೂಪದಲ್ಲಿ ನೀಡಲು ಕೋರಲಾಗಿದೆ.
